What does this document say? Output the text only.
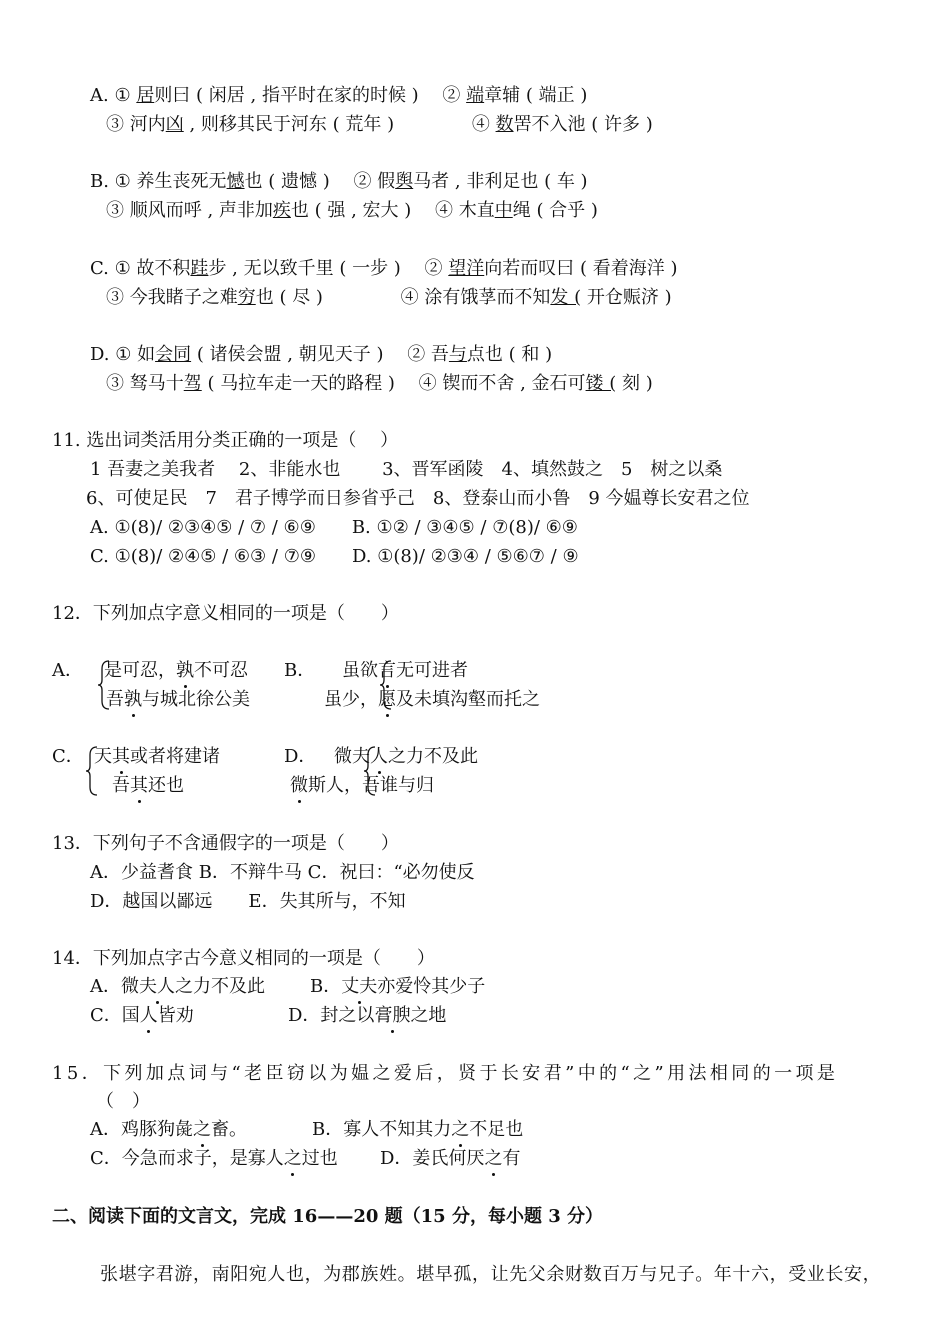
A. ① 居则曰 ( 闲居 , 指平时在家的时候 )　 ② 端章辅 ( 端正 )
③ 河内凶 , 则移其民于河东 ( 荒年 )　　　　 ④ 数罟不入池 ( 许多 )
B. ① 养生丧死无憾也 ( 遗憾 )　 ② 假舆马者 , 非利足也 ( 车 )
③ 顺风而呼 , 声非加疾也 ( 强 , 宏大 )　 ④ 木直中绳 ( 合乎 )
C. ① 故不积跬步 , 无以致千里 ( 一步 )　 ② 望洋向若而叹曰 ( 看着海洋 )
③ 今我睹子之难穷也 ( 尽 )　　　　 ④ 涂有饿莩而不知发 ( 开仓赈济 )
D. ① 如会同 ( 诸侯会盟 , 朝见天子 )　 ② 吾与点也 ( 和 )
③ 驽马十驾 ( 马拉车走一天的路程 )　 ④ 锲而不舍 , 金石可镂 ( 刻 )
11. 选出词类活用分类正确的一项是（　 ）
1 吾妻之美我者　 2、非能水也　　 3、晋军函陵　4、填然鼓之　5　树之以桑
6、可使足民　7　君子博学而日参省乎己　8、登泰山而小鲁　9 今媪尊长安君之位
A. ①(8)/ ②③④⑤ / ⑦ / ⑥⑨　　B. ①② / ③④⑤ / ⑦(8)/ ⑥⑨
C. ①(8)/ ②④⑤ / ⑥③ / ⑦⑨　　D. ①(8)/ ②③④ / ⑤⑥⑦ / ⑨
12．下列加点字意义相同的一项是（　　）
A． 是可忍，孰不可忍
吾孰与城北徐公美
B． 虽欲言无可进者
虽少，愿及未填沟壑而托之
C． 天其或者将建诸
吾其还也
D． 微夫人之力不及此
微斯人，吾谁与归
13．下列句子不含通假字的一项是（　　）
A．少益耆食 B．不辩牛马 C．祝曰：“必勿使反
D．越国以鄙远　　E．失其所与，不知
14．下列加点字古今意义相同的一项是（　　）
A．微夫人之力不及此	B．丈夫亦爱怜其少子
C．国人皆劝	D．封之以膏腴之地
15．下列加点词与“老臣窃以为媪之爱后，贤于长安君”中的“之”用法相同的一项是
（　）
A．鸡豚狗彘之畜。	B．寡人不知其力之不足也
C．今急而求子，是寡人之过也 D．姜氏何厌之有
二、阅读下面的文言文，完成 16——20 题（15 分，每小题 3 分）
张堪字君游，南阳宛人也，为郡族姓。堪早孤，让先父余财数百万与兄子。年十六，受业长安，
